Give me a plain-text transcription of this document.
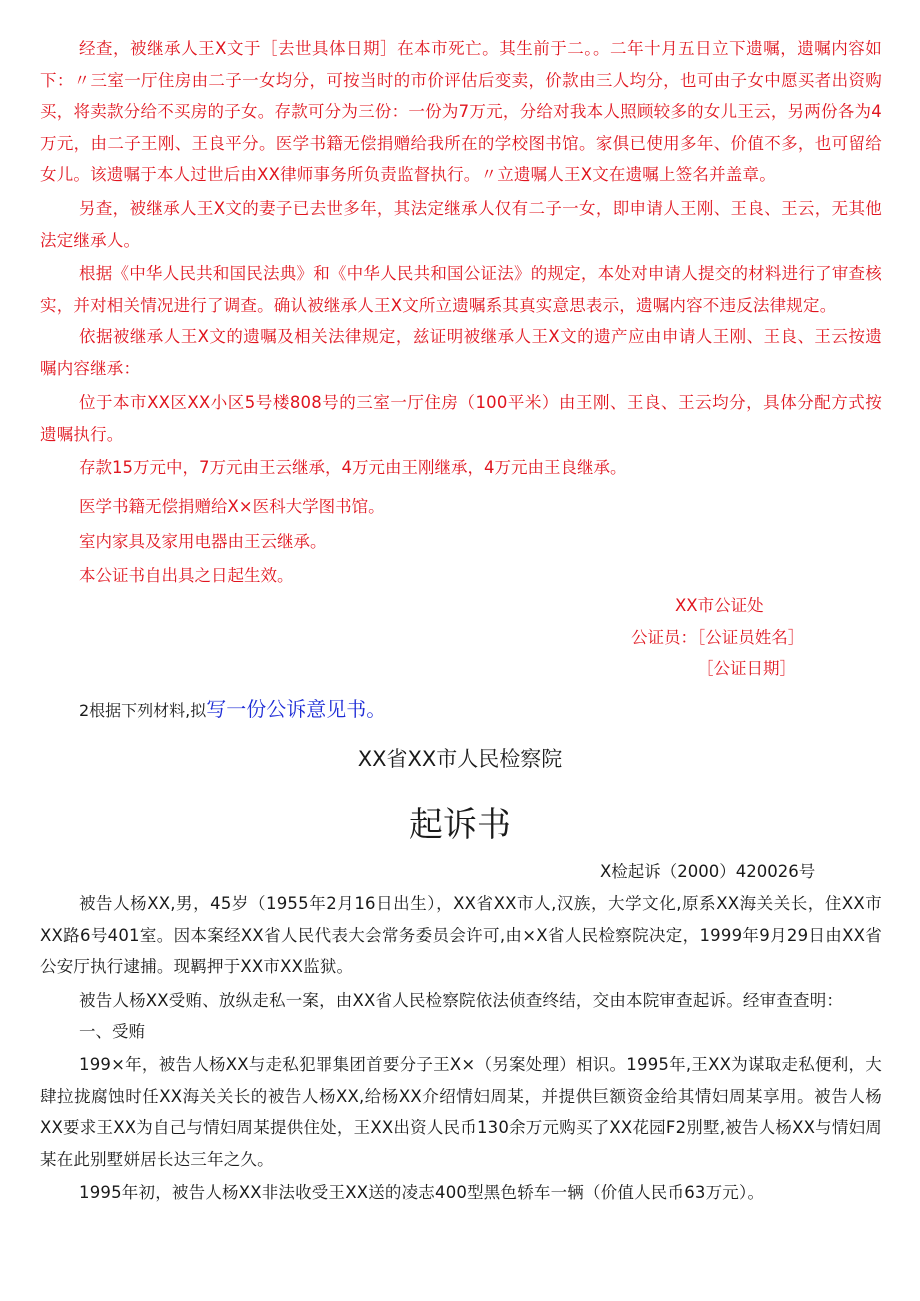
经查，被继承人王X文于［去世具体日期］在本市死亡。其生前于二。。二年十月五日立下遗嘱，遗嘱内容如下：〃三室一厅住房由二子一女均分，可按当时的市价评估后变卖，价款由三人均分，也可由子女中愿买者出资购买，将卖款分给不买房的子女。存款可分为三份：一份为7万元，分给对我本人照顾较多的女儿王云，另两份各为4万元，由二子王刚、王良平分。医学书籍无偿捐赠给我所在的学校图书馆。家俱已使用多年、价值不多，也可留给女儿。该遗嘱于本人过世后由XX律师事务所负责监督执行。〃立遗嘱人王X文在遗嘱上签名并盖章。

另查，被继承人王X文的妻子已去世多年，其法定继承人仅有二子一女，即申请人王刚、王良、王云，无其他法定继承人。

根据《中华人民共和国民法典》和《中华人民共和国公证法》的规定，本处对申请人提交的材料进行了审查核实，并对相关情况进行了调查。确认被继承人王X文所立遗嘱系其真实意思表示，遗嘱内容不违反法律规定。

依据被继承人王X文的遗嘱及相关法律规定，兹证明被继承人王X文的遗产应由申请人王刚、王良、王云按遗嘱内容继承：

位于本市XX区XX小区5号楼808号的三室一厅住房（100平米）由王刚、王良、王云均分，具体分配方式按遗嘱执行。

存款15万元中，7万元由王云继承，4万元由王刚继承，4万元由王良继承。

医学书籍无偿捐赠给X×医科大学图书馆。

室内家具及家用电器由王云继承。

本公证书自出具之日起生效。

XX市公证处

公证员：［公证员姓名］

［公证日期］

2根据下列材料,拟写一份公诉意见书。

XX省XX市人民检察院

起诉书

X检起诉（2000）420026号

被告人杨XX,男，45岁（1955年2月16日出生），XX省XX市人,汉族，大学文化,原系XX海关关长，住XX市XX路6号401室。因本案经XX省人民代表大会常务委员会许可,由×X省人民检察院决定，1999年9月29日由XX省公安厅执行逮捕。现羁押于XX市XX监狱。

被告人杨XX受贿、放纵走私一案，由XX省人民检察院依法侦查终结，交由本院审查起诉。经审查查明：

一、受贿

199×年，被告人杨XX与走私犯罪集团首要分子王X×（另案处理）相识。1995年,王XX为谋取走私便利，大肆拉拢腐蚀时任XX海关关长的被告人杨XX,给杨XX介绍情妇周某，并提供巨额资金给其情妇周某享用。被告人杨XX要求王XX为自己与情妇周某提供住处，王XX出资人民币130余万元购买了XX花园F2別墅,被告人杨XX与情妇周某在此别墅姘居长达三年之久。

1995年初，被告人杨XX非法收受王XX送的凌志400型黑色轿车一辆（价值人民币63万元）。
